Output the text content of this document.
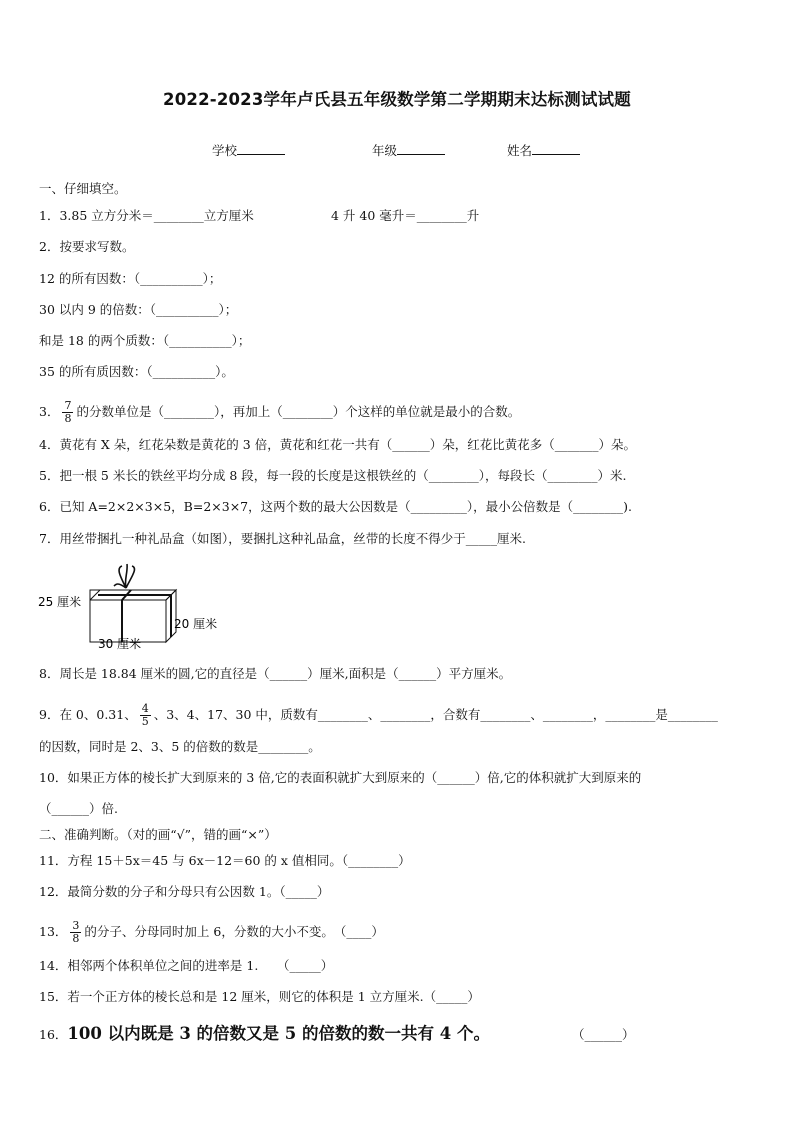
2022-2023学年卢氏县五年级数学第二学期期末达标测试试题
学校	年级	姓名
一、仔细填空。
1．3.85 立方分米＝________立方厘米	4 升 40 毫升＝________升
2．按要求写数。
12 的所有因数：（__________）；
30 以内 9 的倍数：（__________）；
和是 18 的两个质数：（__________）；
35 的所有质因数：（__________）。
3． $\frac{7}{8}$ 的分数单位是（________），再加上（________）个这样的单位就是最小的合数。
4．黄花有 X 朵，红花朵数是黄花的 3 倍，黄花和红花一共有（______）朵，红花比黄花多（_______）朵。
5．把一根 5 米长的铁丝平均分成 8 段，每一段的长度是这根铁丝的（________），每段长（________）米.
6．已知 A=2×2×3×5，B=2×3×7，这两个数的最大公因数是（_________），最小公倍数是（________).
7．用丝带捆扎一种礼品盒（如图），要捆扎这种礼品盒，丝带的长度不得少于_____厘米.
25 厘米
30 厘米
20 厘米
8．周长是 18.84 厘米的圆,它的直径是（______）厘米,面积是（______）平方厘米。
9．在 0、0.31、 $\frac{4}{5}$ 、3、4、17、30 中，质数有________、________，合数有________、________，________是________
的因数，同时是 2、3、5 的倍数的数是________。
10．如果正方体的棱长扩大到原来的 3 倍,它的表面积就扩大到原来的（______）倍,它的体积就扩大到原来的
（______）倍.
二、准确判断。（对的画“√”，错的画“×”）
11．方程 15＋5x＝45 与 6x－12＝60 的 x 值相同。（________）
12．最简分数的分子和分母只有公因数 1。（_____）
13． $\frac{3}{8}$ 的分子、分母同时加上 6，分数的大小不变。　（____）
14．相邻两个体积单位之间的进率是 1.　　（_____）
15．若一个正方体的棱长总和是 12 厘米，则它的体积是 1 立方厘米.（_____）
16．100 以内既是 3 的倍数又是 5 的倍数的数一共有 4 个。	（______）
